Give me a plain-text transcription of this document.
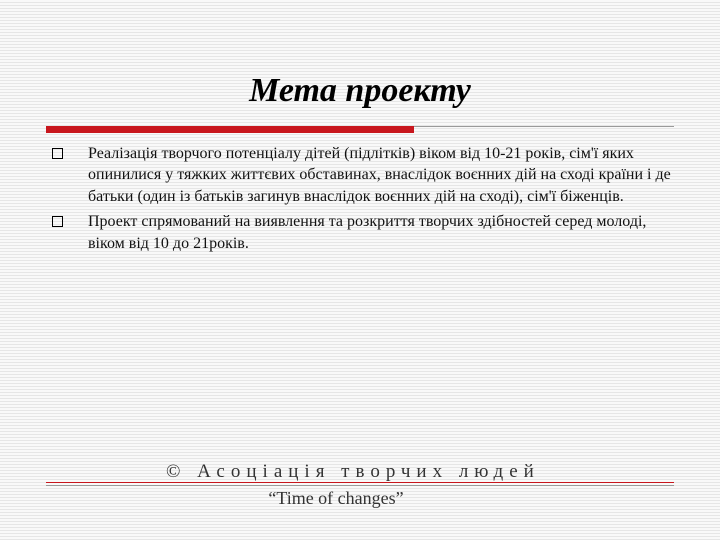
Мета проекту
Реалізація творчого потенціалу дітей (підлітків) віком від 10-21 років, сім'ї яких опинилися у тяжких життєвих обставинах, внаслідок воєнних дій на сході країни і де батьки (один із батьків загинув внаслідок воєнних дій на сході), сім'ї біженців.
Проект спрямований на виявлення та розкриття творчих здібностей серед молоді, віком від 10 до 21років.
© Асоціація творчих людей
“Time of changes”
